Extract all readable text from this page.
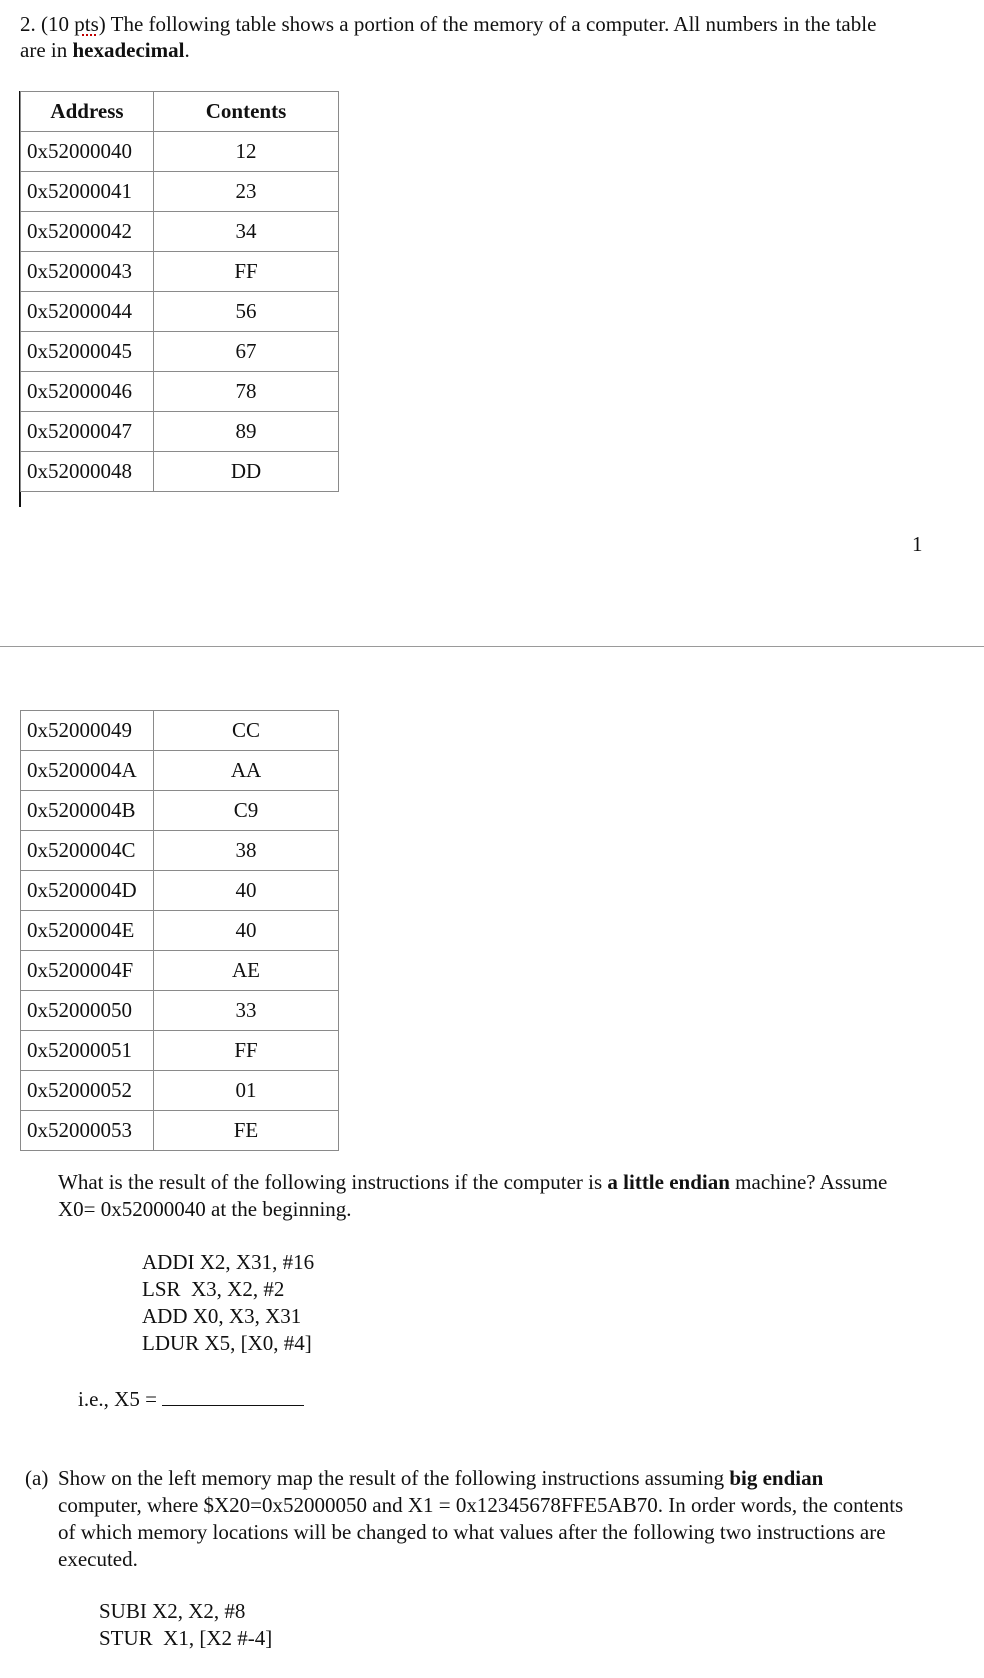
2. (10 pts) The following table shows a portion of the memory of a computer. All numbers in the table
are in hexadecimal.
Address	Contents
0x52000040	12
0x52000041	23
0x52000042	34
0x52000043	FF
0x52000044	56
0x52000045	67
0x52000046	78
0x52000047	89
0x52000048	DD
1
0x52000049	CC
0x5200004A	AA
0x5200004B	C9
0x5200004C	38
0x5200004D	40
0x5200004E	40
0x5200004F	AE
0x52000050	33
0x52000051	FF
0x52000052	01
0x52000053	FE
What is the result of the following instructions if the computer is a little endian machine? Assume
X0= 0x52000040 at the beginning.
ADDI X2, X31, #16
LSR  X3, X2, #2
ADD X0, X3, X31
LDUR X5, [X0, #4]
i.e., X5 =
(a) Show on the left memory map the result of the following instructions assuming big endian
computer, where $X20=0x52000050 and X1 = 0x12345678FFE5AB70. In order words, the contents
of which memory locations will be changed to what values after the following two instructions are
executed.
SUBI X2, X2, #8
STUR  X1, [X2 #-4]
